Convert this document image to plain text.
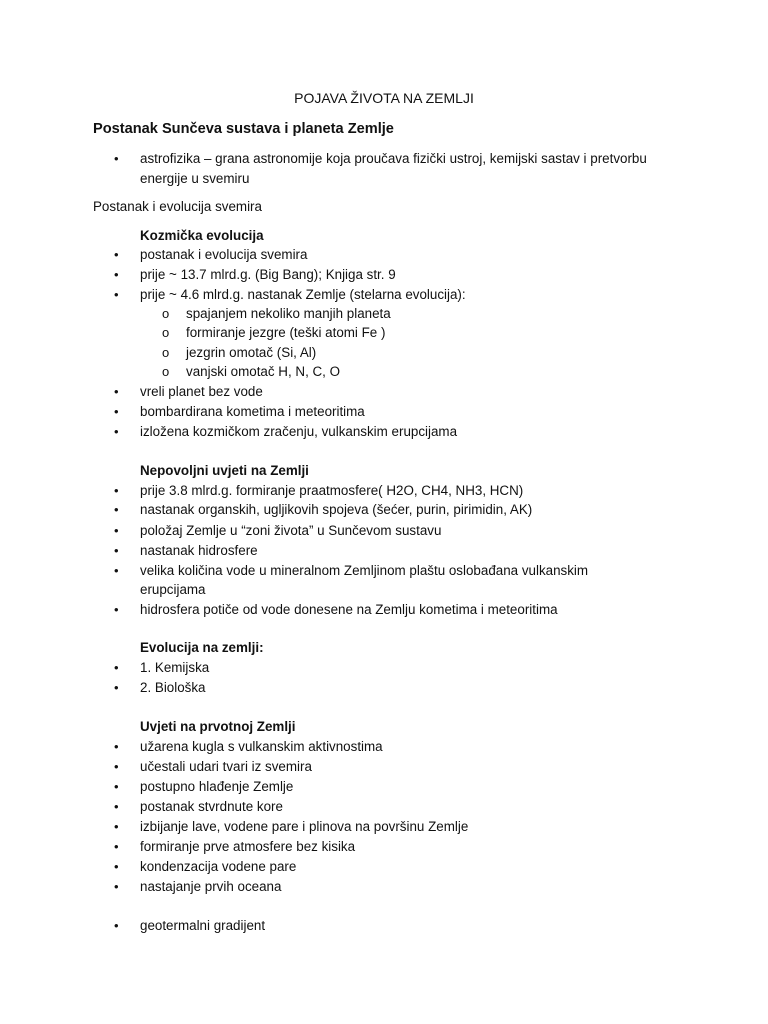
POJAVA ŽIVOTA NA ZEMLJI
Postanak Sunčeva sustava i planeta Zemlje
• astrofizika – grana astronomije koja proučava fizički ustroj, kemijski sastav i pretvorbu
energije u svemiru
Postanak i evolucija svemira
Kozmička evolucija
• postanak i evolucija svemira
• prije ~ 13.7 mlrd.g. (Big Bang); Knjiga str. 9
• prije ~ 4.6 mlrd.g. nastanak Zemlje (stelarna evolucija):
o spajanjem nekoliko manjih planeta
o formiranje jezgre (teški atomi Fe )
o jezgrin omotač (Si, Al)
o vanjski omotač H, N, C, O
• vreli planet bez vode
• bombardirana kometima i meteoritima
• izložena kozmičkom zračenju, vulkanskim erupcijama
Nepovoljni uvjeti na Zemlji
• prije 3.8 mlrd.g. formiranje praatmosfere( H2O, CH4, NH3, HCN)
• nastanak organskih, ugljikovih spojeva (šećer, purin, pirimidin, AK)
• položaj Zemlje u “zoni života” u Sunčevom sustavu
• nastanak hidrosfere
• velika količina vode u mineralnom Zemljinom plaštu oslobađana vulkanskim
erupcijama
• hidrosfera potiče od vode donesene na Zemlju kometima i meteoritima
Evolucija na zemlji:
• 1. Kemijska
• 2. Biološka
Uvjeti na prvotnoj Zemlji
• užarena kugla s vulkanskim aktivnostima
• učestali udari tvari iz svemira
• postupno hlađenje Zemlje
• postanak stvrdnute kore
• izbijanje lave, vodene pare i plinova na površinu Zemlje
• formiranje prve atmosfere bez kisika
• kondenzacija vodene pare
• nastajanje prvih oceana
• geotermalni gradijent
